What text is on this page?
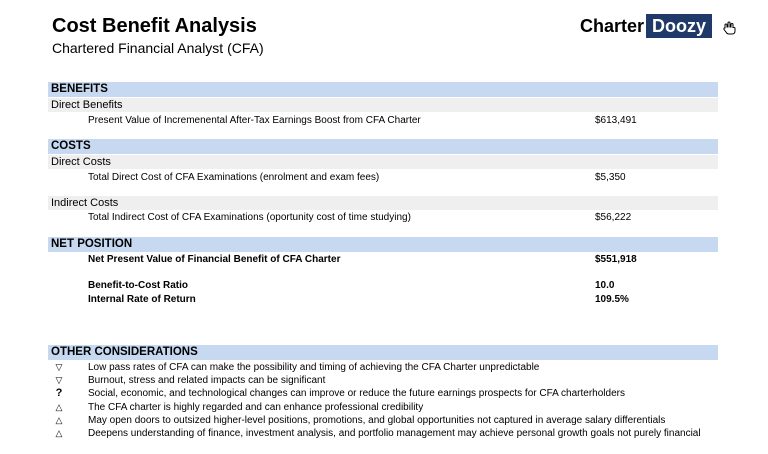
Cost Benefit Analysis
Chartered Financial Analyst (CFA)
Charter Doozy
BENEFITS
Direct Benefits
Present Value of Incremenental After-Tax Earnings Boost from CFA Charter	$613,491
COSTS
Direct Costs
Total Direct Cost of CFA Examinations (enrolment and exam fees)	$5,350
Indirect Costs
Total Indirect Cost of CFA Examinations (oportunity cost of time studying)	$56,222
NET POSITION
Net Present Value of Financial Benefit of CFA Charter	$551,918
Benefit-to-Cost Ratio	10.0
Internal Rate of Return	109.5%
OTHER CONSIDERATIONS
▽	Low pass rates of CFA can make the possibility and timing of achieving the CFA Charter unpredictable
▽	Burnout, stress and related impacts can be significant
?	Social, economic, and technological changes can improve or reduce the future earnings prospects for CFA charterholders
△	The CFA charter is highly regarded and can enhance professional credibility
△	May open doors to outsized higher-level positions, promotions, and global opportunities not captured in average salary differentials
△	Deepens understanding of finance, investment analysis, and portfolio management may achieve personal growth goals not purely financial
